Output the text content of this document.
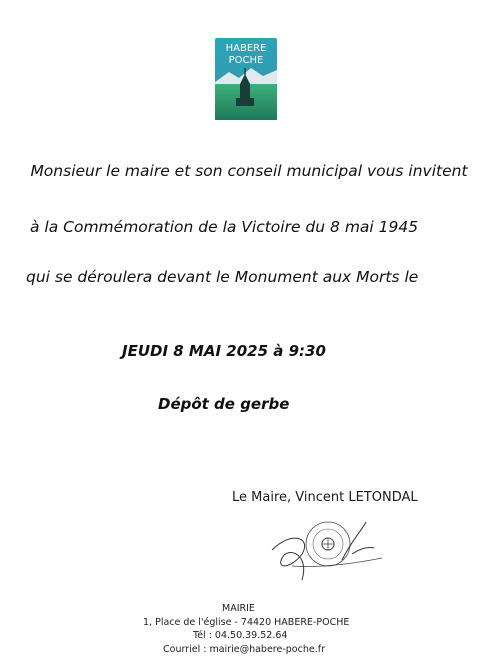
HABERE
POCHE
Monsieur le maire et son conseil municipal vous invitent
à la Commémoration de la Victoire du 8 mai 1945
qui se déroulera devant le Monument aux Morts le
JEUDI 8 MAI 2025 à 9:30
Dépôt de gerbe
Le Maire, Vincent LETONDAL
MAIRIE
1, Place de l'église - 74420 HABERE-POCHE
Tél : 04.50.39.52.64
Courriel : mairie@habere-poche.fr
